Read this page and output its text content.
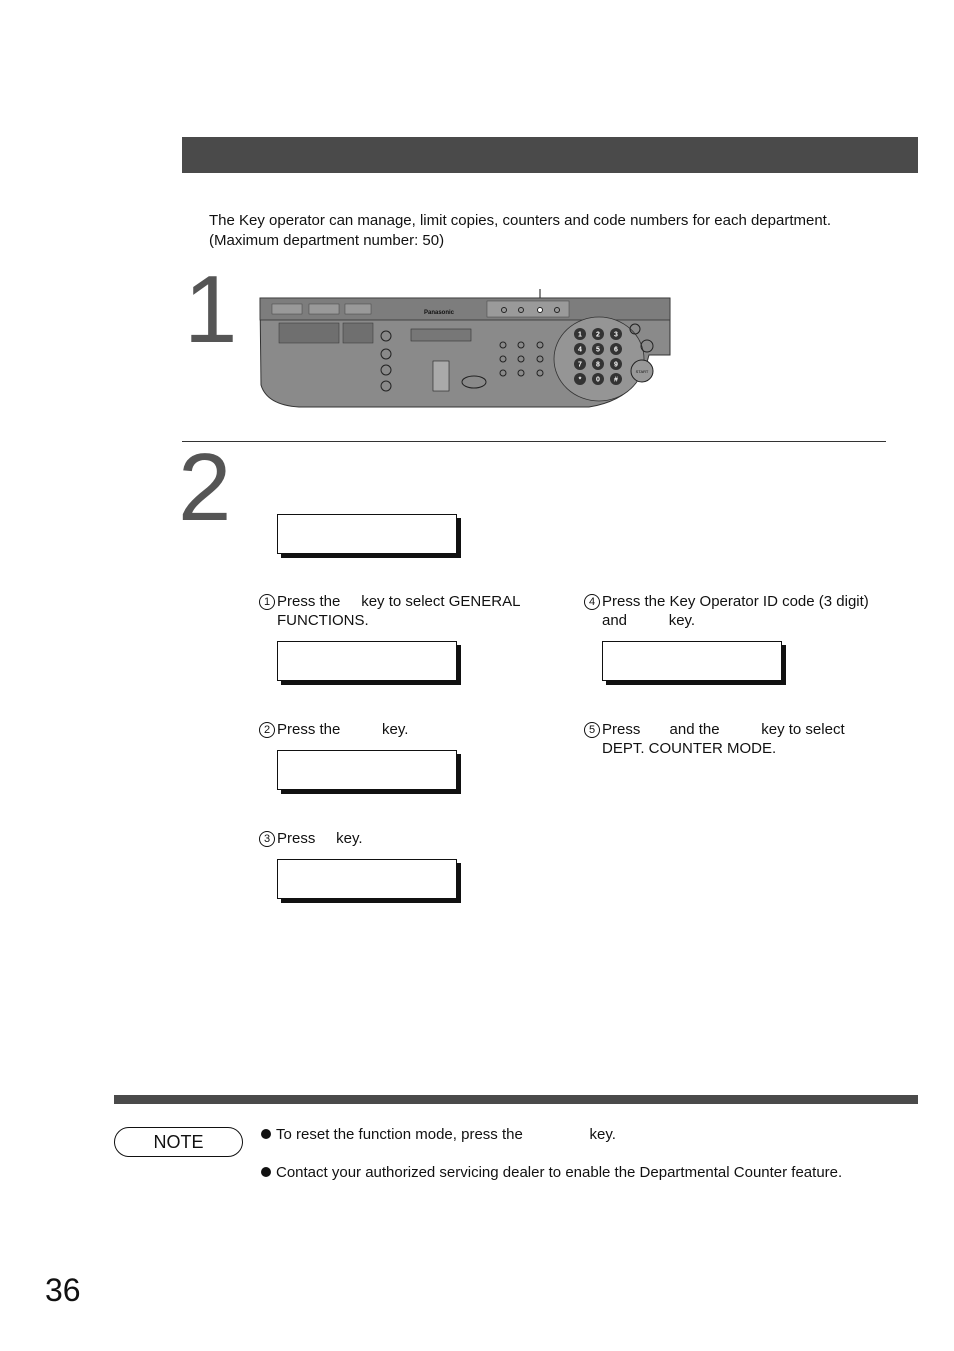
The Key operator can manage, limit copies, counters and code numbers for each department.
(Maximum department number: 50)
1	Panasonic
1 2 3
4 5 6
7 8 9
* 0 #
START
2
1 Press the     key to select GENERAL
FUNCTIONS.
2 Press the          key.
3 Press     key.
4 Press the Key Operator ID code (3 digit)
and          key.
5 Press       and the          key to select
DEPT. COUNTER MODE.
NOTE	To reset the function mode, press the                key.
Contact your authorized servicing dealer to enable the Departmental Counter feature.
36
